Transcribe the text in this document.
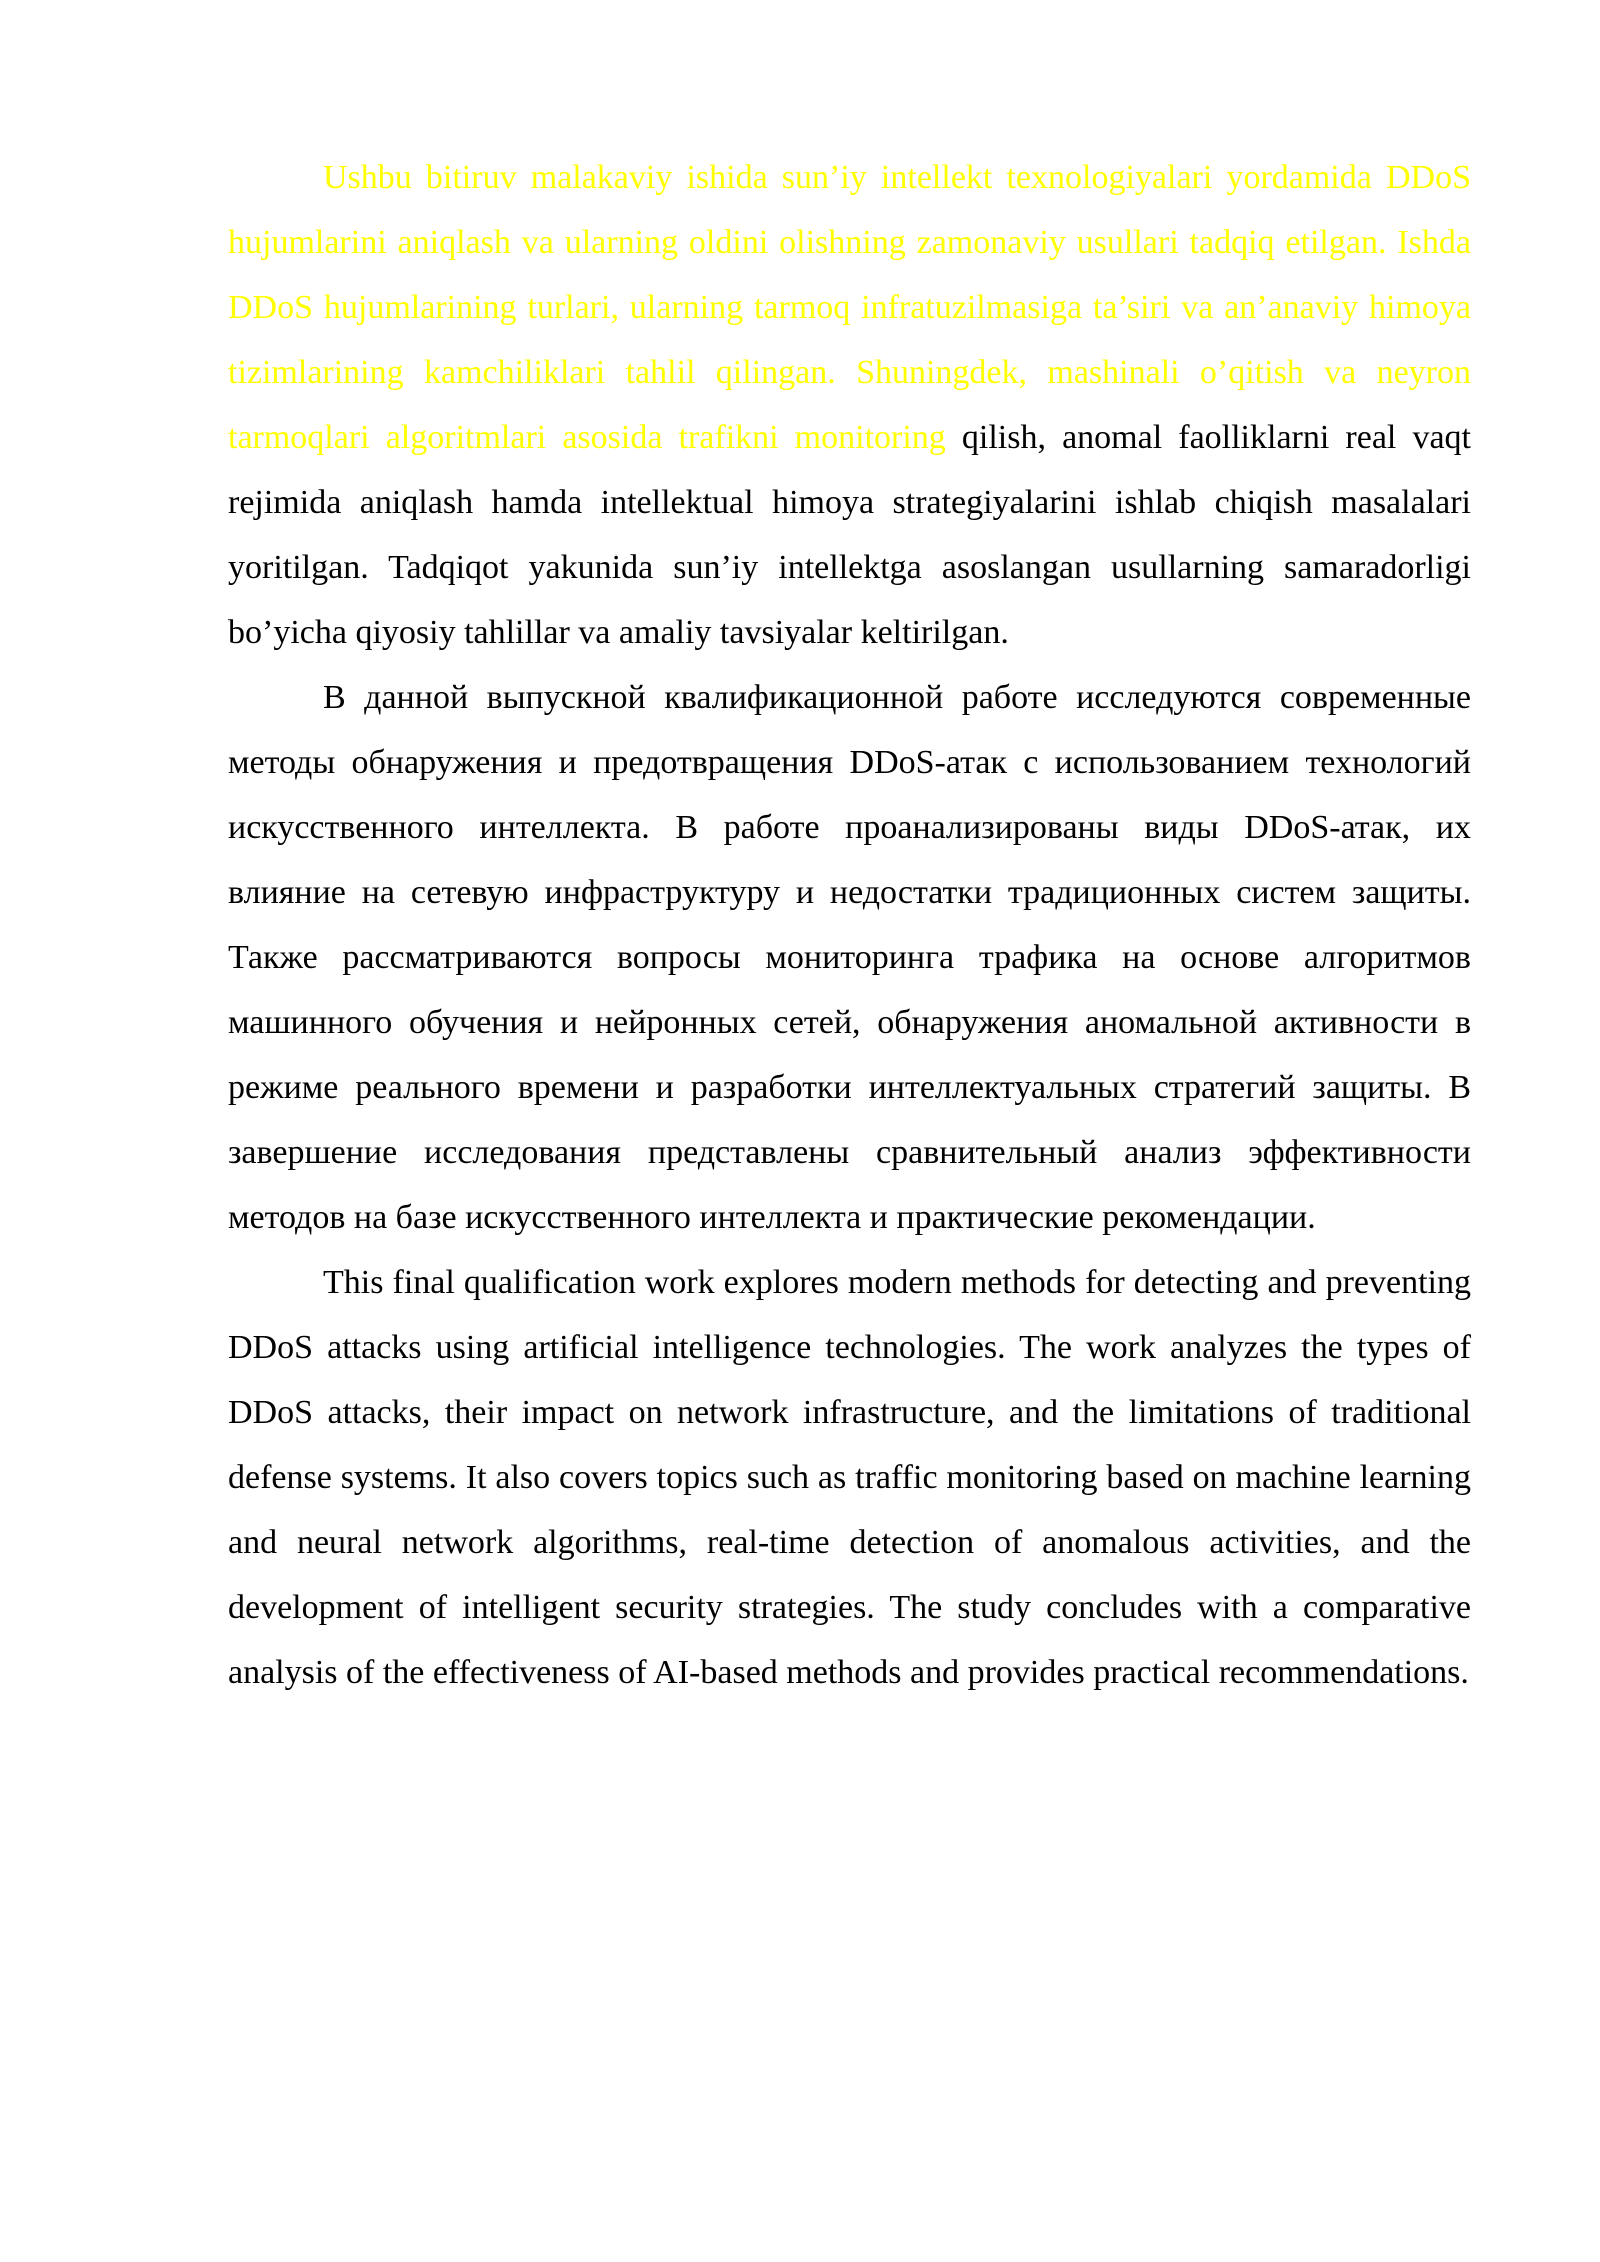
Ushbu bitiruv malakaviy ishida sun’iy intellekt texnologiyalari yordamida DDoS hujumlarini aniqlash va ularning oldini olishning zamonaviy usullari tadqiq etilgan. Ishda DDoS hujumlarining turlari, ularning tarmoq infratuzilmasiga ta’siri va an’anaviy himoya tizimlarining kamchiliklari tahlil qilingan. Shuningdek, mashinali o’qitish va neyron tarmoqlari algoritmlari asosida trafikni monitoring qilish, anomal faolliklarni real vaqt rejimida aniqlash hamda intellektual himoya strategiyalarini ishlab chiqish masalalari yoritilgan. Tadqiqot yakunida sun’iy intellektga asoslangan usullarning samaradorligi bo’yicha qiyosiy tahlillar va amaliy tavsiyalar keltirilgan.

В данной выпускной квалификационной работе исследуются современные методы обнаружения и предотвращения DDoS-атак с использованием технологий искусственного интеллекта. В работе проанализированы виды DDoS-атак, их влияние на сетевую инфраструктуру и недостатки традиционных систем защиты. Также рассматриваются вопросы мониторинга трафика на основе алгоритмов машинного обучения и нейронных сетей, обнаружения аномальной активности в режиме реального времени и разработки интеллектуальных стратегий защиты. В завершение исследования представлены сравнительный анализ эффективности методов на базе искусственного интеллекта и практические рекомендации.

This final qualification work explores modern methods for detecting and preventing DDoS attacks using artificial intelligence technologies. The work analyzes the types of DDoS attacks, their impact on network infrastructure, and the limitations of traditional defense systems. It also covers topics such as traffic monitoring based on machine learning and neural network algorithms, real-time detection of anomalous activities, and the development of intelligent security strategies. The study concludes with a comparative analysis of the effectiveness of AI-based methods and provides practical recommendations.
